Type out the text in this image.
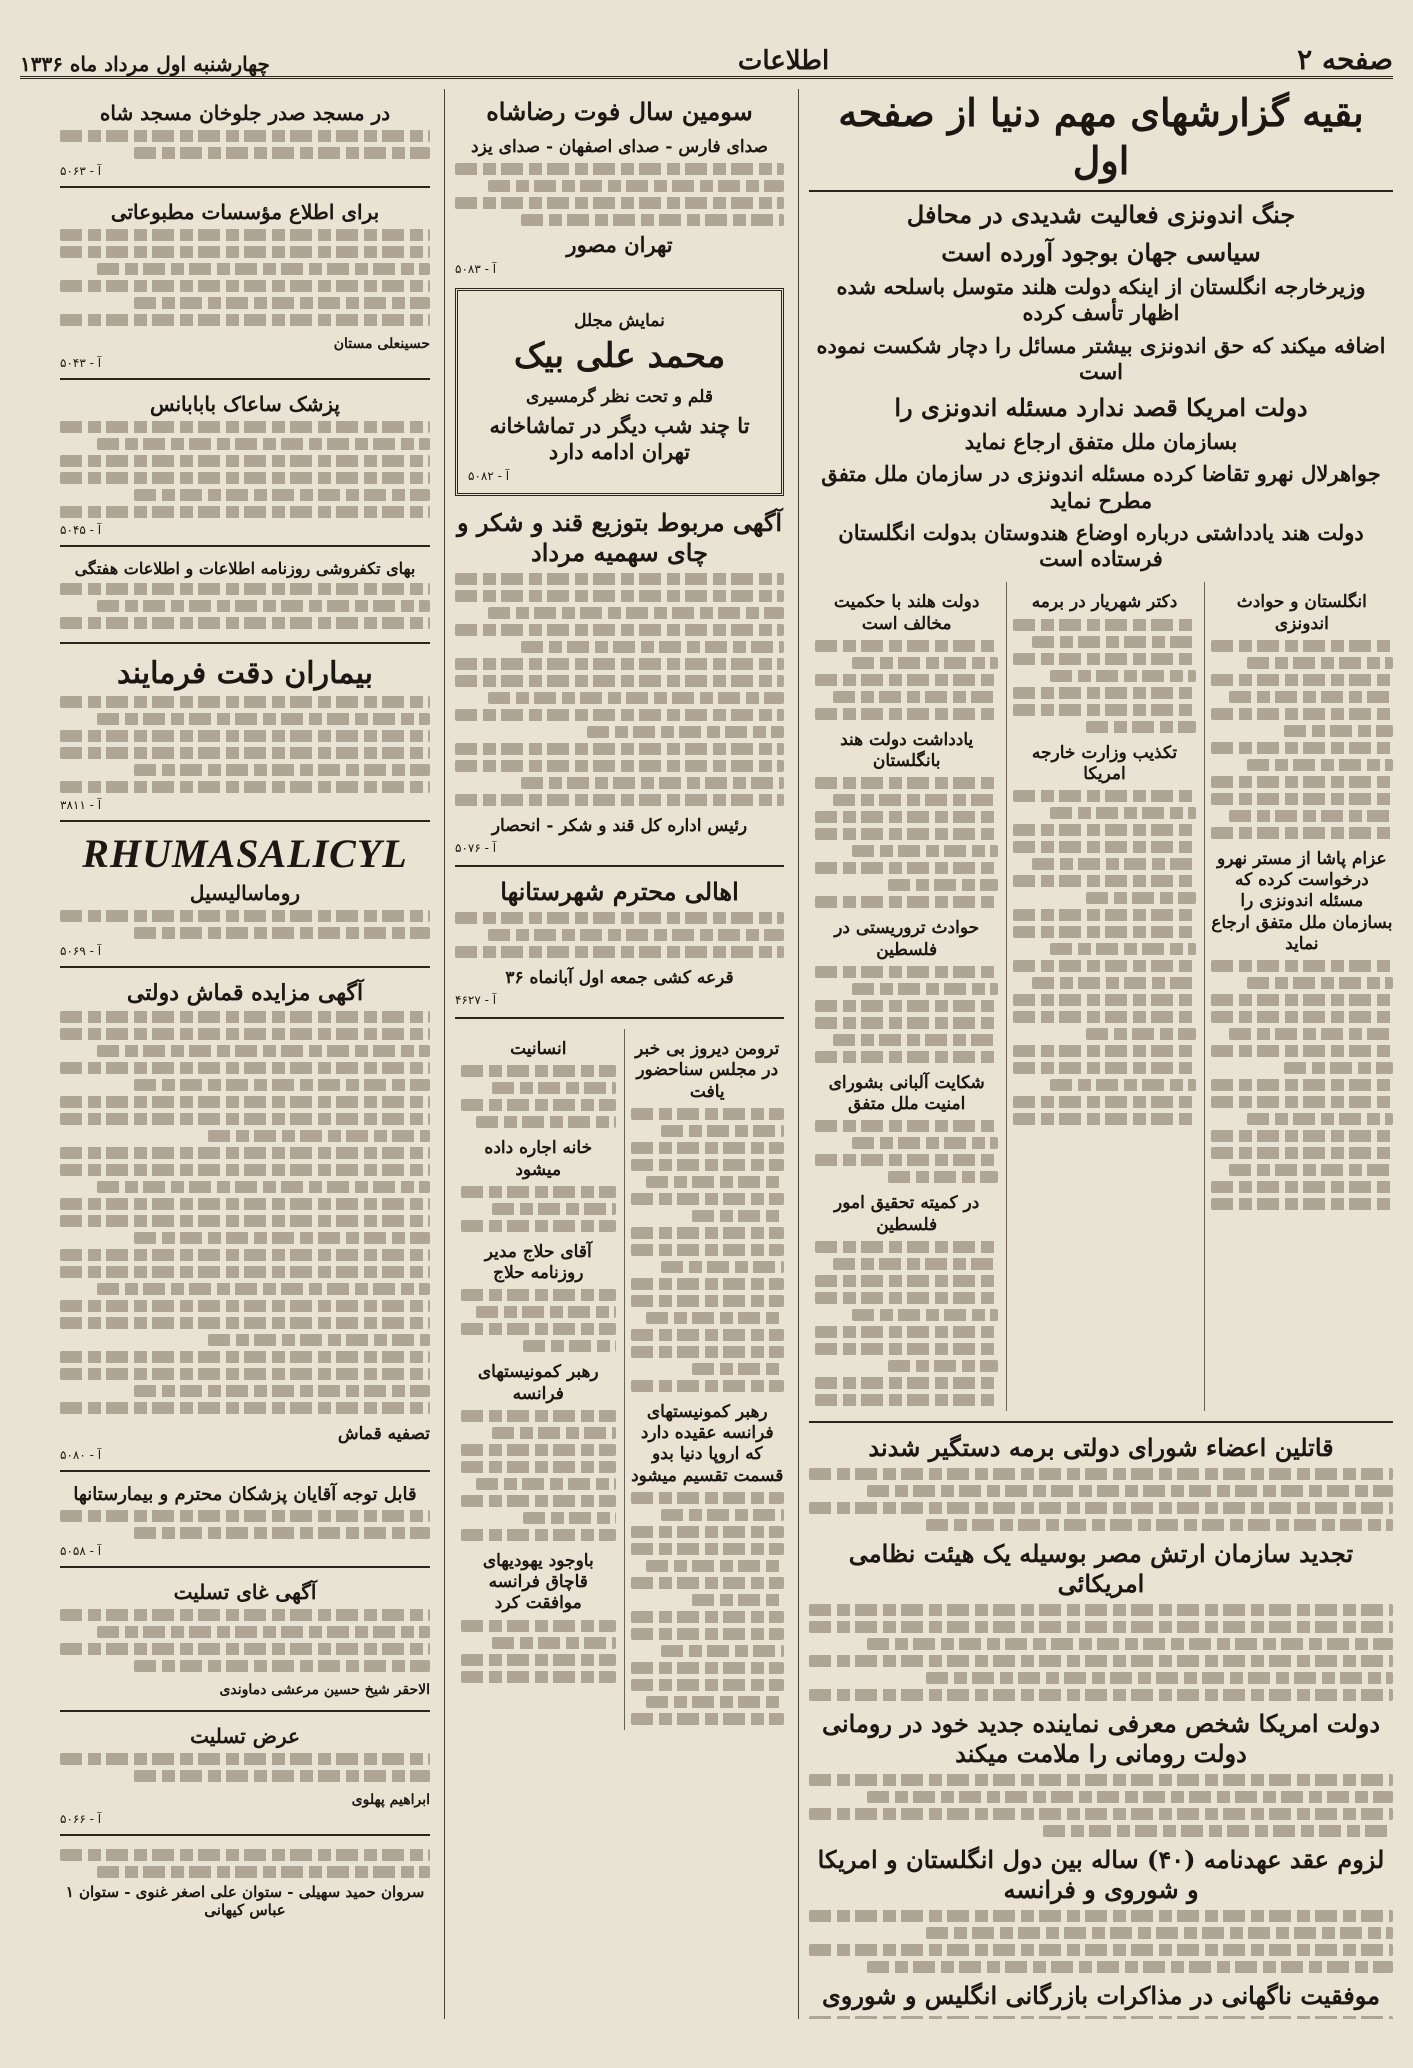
صفحه ۲
اطلاعات
چهارشنبه اول مرداد ماه ۱۳۳۶
بقیه گزارشهای مهم دنیا از صفحه اول
جنگ اندونزی فعالیت شدیدی در محافل
سیاسی جهان بوجود آورده است
وزیرخارجه انگلستان از اینکه دولت هلند متوسل باسلحه شده اظهار تأسف کرده
اضافه میکند که حق اندونزی بیشتر مسائل را دچار شکست نموده است
دولت امریکا قصد ندارد مسئله اندونزی را
بسازمان ملل متفق ارجاع نماید
جواهرلال نهرو تقاضا کرده مسئله اندونزی در سازمان ملل متفق مطرح نماید
دولت هند یادداشتی درباره اوضاع هندوستان بدولت انگلستان فرستاده است
انگلستان و حوادث اندونزی
عزام پاشا از مستر نهرو درخواست کرده که مسئله اندونزی را بسازمان ملل متفق ارجاع نماید
دکتر شهریار در برمه
تکذیب وزارت خارجه امریکا
دولت هلند با حکمیت مخالف است
یادداشت دولت هند بانگلستان
حوادث تروریستی در فلسطین
شکایت آلبانی بشورای امنیت ملل متفق
در کمیته تحقیق امور فلسطین
قاتلین اعضاء شورای دولتی برمه دستگیر شدند
تجدید سازمان ارتش مصر بوسیله یک هیئت نظامی امریکائی
دولت امریکا شخص معرفی نماینده جدید خود در رومانی دولت رومانی را ملامت میکند
لزوم عقد عهدنامه (۴۰) ساله بین دول انگلستان و امریکا و شوروی و فرانسه
موفقیت ناگهانی در مذاکرات بازرگانی انگلیس و شوروی
سومین سال فوت رضاشاه
صدای فارس - صدای اصفهان - صدای یزد
تهران مصور
آ - ۵۰۸۳
نمایش مجلل
محمد علی بیک
قلم و تحت نظر گرمسیری
تا چند شب دیگر در تماشاخانه تهران ادامه دارد
آ - ۵۰۸۲
آگهی مربوط بتوزیع قند و شکر و چای سهمیه مرداد
رئیس اداره کل قند و شکر - انحصار
آ - ۵۰۷۶
اهالی محترم شهرستانها
قرعه کشی جمعه اول آبانماه ۳۶
آ - ۴۶۲۷
ترومن دیروز بی خبر در مجلس سناحضور یافت
رهبر کمونیستهای فرانسه عقیده دارد که اروپا دنیا بدو قسمت تقسیم میشود
انسانیت
خانه اجاره داده میشود
آقای حلاج مدیر روزنامه حلاج
رهبر کمونیستهای فرانسه
باوجود یهودیهای قاچاق فرانسه موافقت کرد
در مسجد صدر جلوخان مسجد شاه
آ - ۵۰۶۳
برای اطلاع مؤسسات مطبوعاتی
حسینعلی مستان
آ - ۵۰۴۳
پزشک ساعاک بابابانس
آ - ۵۰۴۵
بهای تکفروشی روزنامه اطلاعات و اطلاعات هفتگی
بیماران دقت فرمایند
آ - ۳۸۱۱
RHUMASALICYL
روماسالیسیل
آ - ۵۰۶۹
آگهی مزایده قماش دولتی
تصفیه قماش
آ - ۵۰۸۰
قابل توجه آقایان پزشکان محترم و بیمارستانها
آ - ۵۰۵۸
آگهی غای تسلیت
الاحقر شیخ حسین مرعشی دماوندی
عرض تسلیت
ابراهیم پهلوی
آ - ۵۰۶۶
سروان حمید سهیلی - ستوان علی اصغر غنوی - ستوان ۱ عباس کیهانی
